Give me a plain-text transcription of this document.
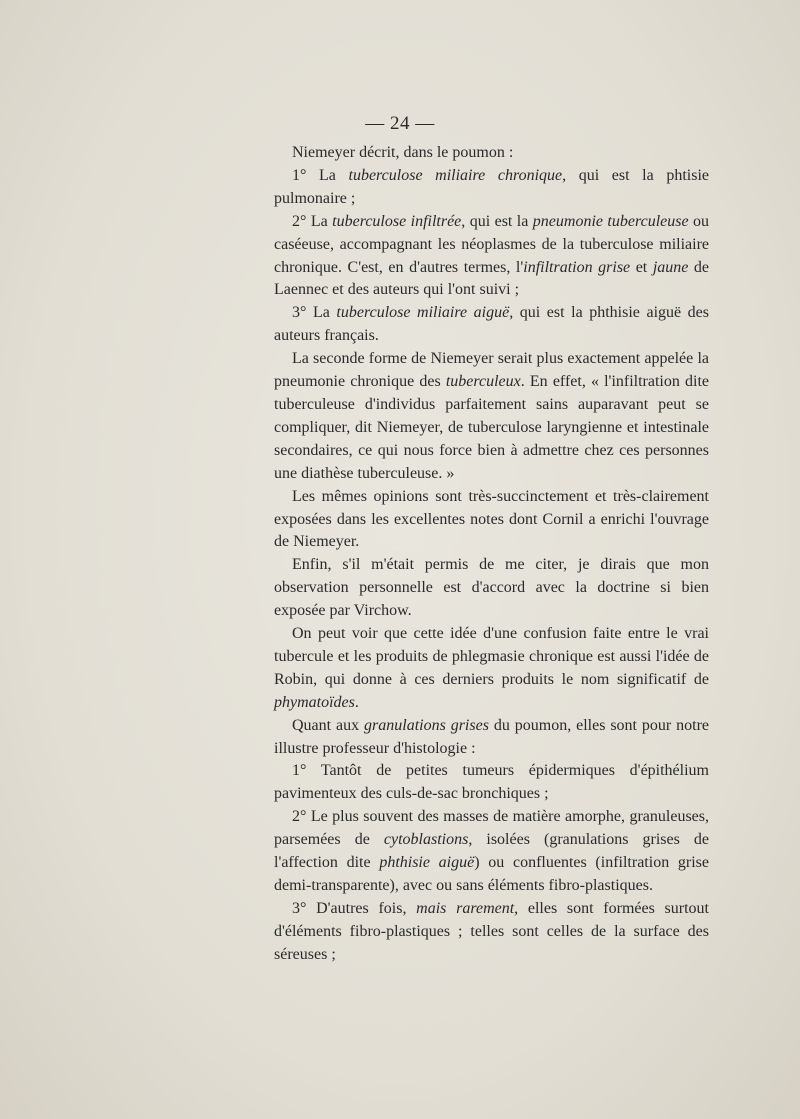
— 24 —

Niemeyer décrit, dans le poumon :

1° La tuberculose miliaire chronique, qui est la phtisie pulmonaire ;

2° La tuberculose infiltrée, qui est la pneumonie tuberculeuse ou caséeuse, accompagnant les néoplasmes de la tuberculose miliaire chronique. C'est, en d'autres termes, l'infiltration grise et jaune de Laennec et des auteurs qui l'ont suivi ;

3° La tuberculose miliaire aiguë, qui est la phthisie aiguë des auteurs français.

La seconde forme de Niemeyer serait plus exactement appelée la pneumonie chronique des tuberculeux. En effet, « l'infiltration dite tuberculeuse d'individus parfaitement sains auparavant peut se compliquer, dit Niemeyer, de tuberculose laryngienne et intestinale secondaires, ce qui nous force bien à admettre chez ces personnes une diathèse tuberculeuse. »

Les mêmes opinions sont très-succinctement et très-clairement exposées dans les excellentes notes dont Cornil a enrichi l'ouvrage de Niemeyer.

Enfin, s'il m'était permis de me citer, je dirais que mon observation personnelle est d'accord avec la doctrine si bien exposée par Virchow.

On peut voir que cette idée d'une confusion faite entre le vrai tubercule et les produits de phlegmasie chronique est aussi l'idée de Robin, qui donne à ces derniers produits le nom significatif de phymatoïdes.

Quant aux granulations grises du poumon, elles sont pour notre illustre professeur d'histologie :

1° Tantôt de petites tumeurs épidermiques d'épithélium pavimenteux des culs-de-sac bronchiques ;

2° Le plus souvent des masses de matière amorphe, granuleuses, parsemées de cytoblastions, isolées (granulations grises de l'affection dite phthisie aiguë) ou confluentes (infiltration grise demi-transparente), avec ou sans éléments fibro-plastiques.

3° D'autres fois, mais rarement, elles sont formées surtout d'éléments fibro-plastiques ; telles sont celles de la surface des séreuses ;
